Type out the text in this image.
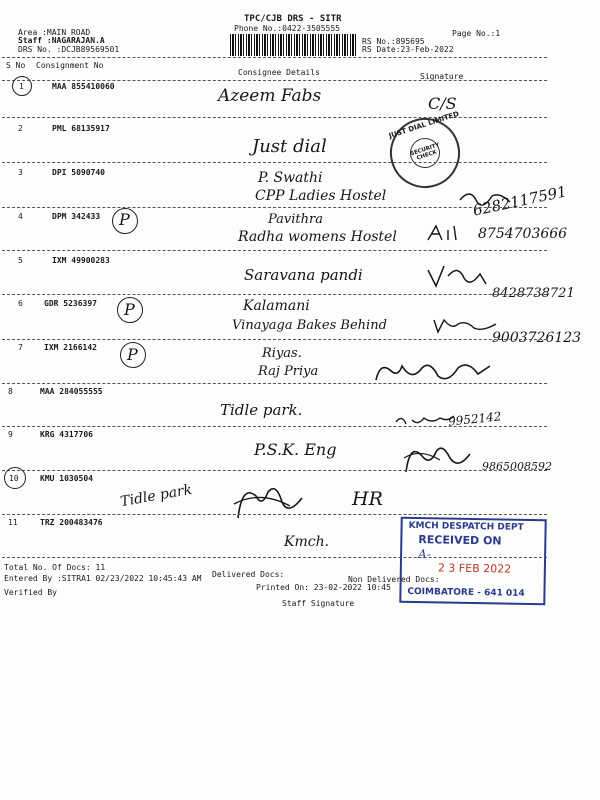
TPC/CJB DRS - SITR
Phone No.:0422-3505555
Area :MAIN ROAD
Staff :NAGARAJAN.A
DRS No. :DCJB89569501
Page No.:1
RS No.:895695
RS Date:23-Feb-2022
S No Consignment No
Consignee Details	Signature
1	MAA 855410060	Azeem Fabs	C/S
2	PML 68135917
Just dial
JUST DIAL LIMITED
SECURITY CHECK
3	DPI 5090740	P. Swathi
CPP Ladies Hostel	6282117591
4	DPM 342433 P	Pavithra
Radha womens Hostel	8754703666
5	IXM 49900283
Saravana pandi
8428738721
6	GDR 5236397 P	Kalamani
Vinayaga Bakes Behind
9003726123
7	IXM 2166142 P	Riyas.
Raj Priya
8	MAA 284055555
Tidle park.	9952142
9	KRG 4317706
P.S.K. Eng
9865008592
10	KMU 1030504
Tidle park	HR
11	TRZ 200483476
Kmch.
KMCH DESPATCH DEPT
RECEIVED ON
A-
2 3 FEB 2022
COIMBATORE - 641 014
Total No. Of Docs: 11
Delivered Docs:
Non Delivered Docs:
Entered By :SITRA1 02/23/2022 10:45:43 AM
Printed On: 23-02-2022 10:45
Verified By
Staff Signature
